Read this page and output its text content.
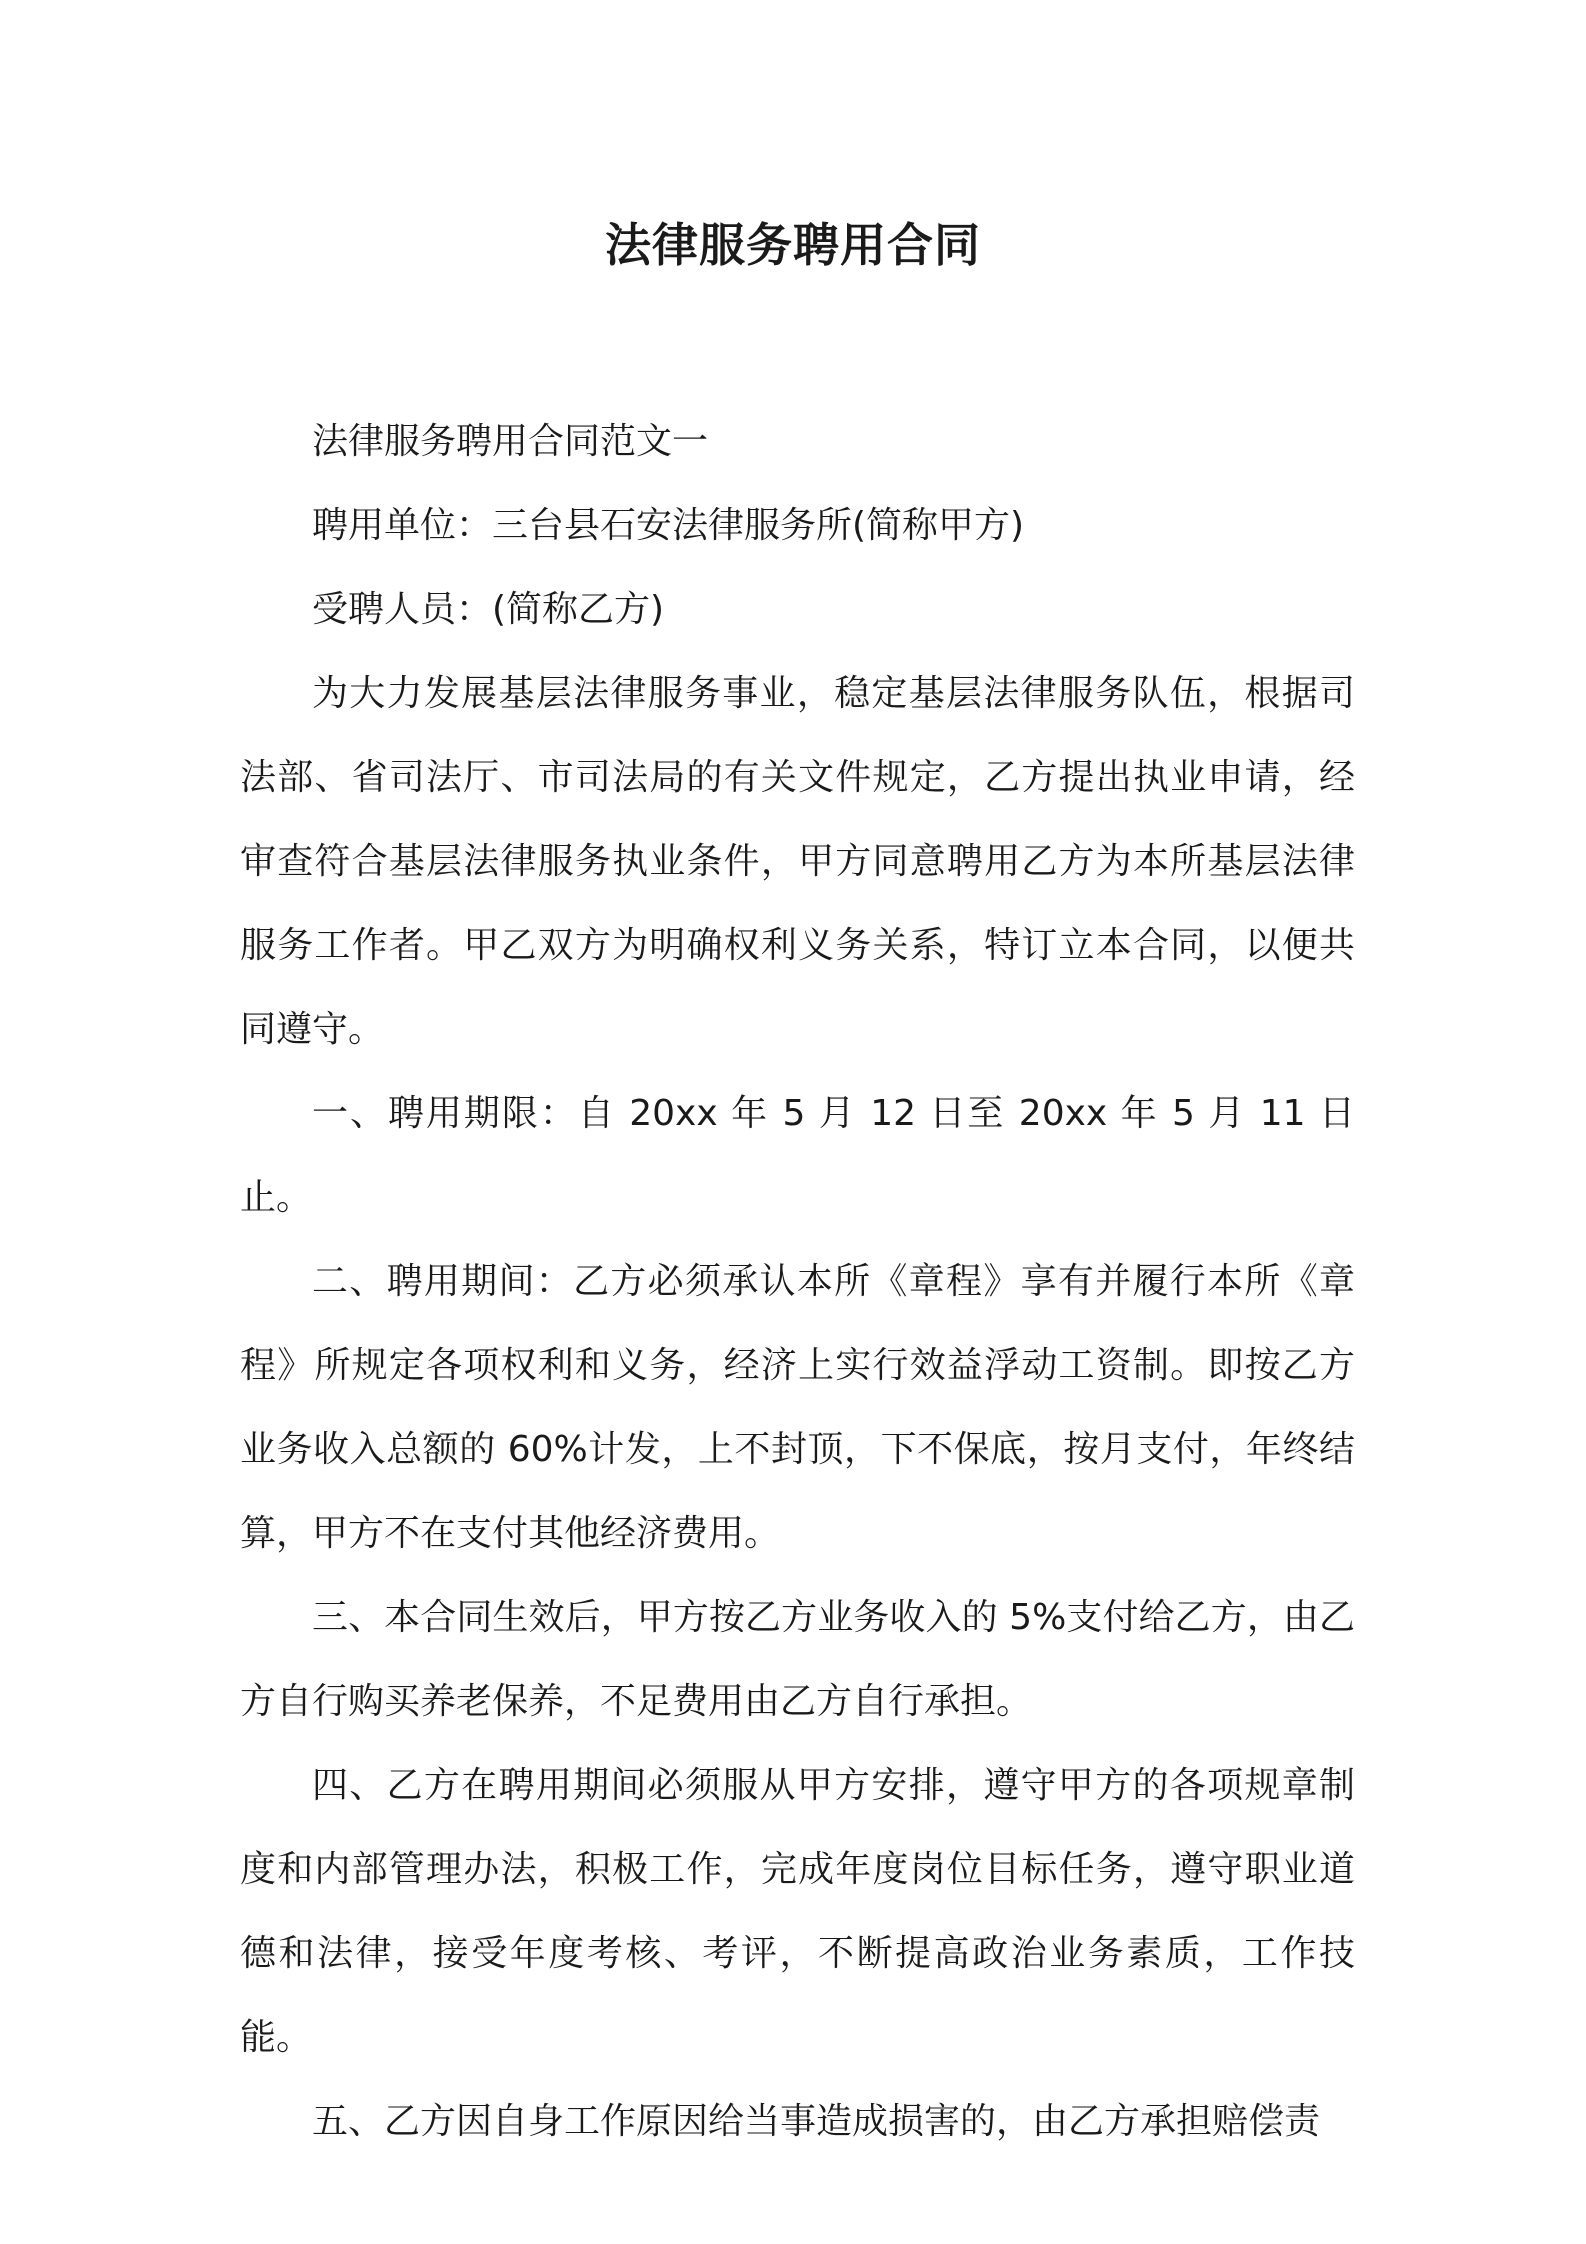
法律服务聘用合同

法律服务聘用合同范文一

聘用单位：三台县石安法律服务所(简称甲方)

受聘人员：(简称乙方)

为大力发展基层法律服务事业，稳定基层法律服务队伍，根据司法部、省司法厅、市司法局的有关文件规定，乙方提出执业申请，经审查符合基层法律服务执业条件，甲方同意聘用乙方为本所基层法律服务工作者。甲乙双方为明确权利义务关系，特订立本合同，以便共同遵守。

一、聘用期限：自 20xx 年 5 月 12 日至 20xx 年 5 月 11 日止。

二、聘用期间：乙方必须承认本所《章程》享有并履行本所《章程》所规定各项权利和义务，经济上实行效益浮动工资制。即按乙方业务收入总额的 60%计发，上不封顶，下不保底，按月支付，年终结算，甲方不在支付其他经济费用。

三、本合同生效后，甲方按乙方业务收入的 5%支付给乙方，由乙方自行购买养老保养，不足费用由乙方自行承担。

四、乙方在聘用期间必须服从甲方安排，遵守甲方的各项规章制度和内部管理办法，积极工作，完成年度岗位目标任务，遵守职业道德和法律，接受年度考核、考评，不断提高政治业务素质，工作技能。

五、乙方因自身工作原因给当事造成损害的，由乙方承担赔偿责
